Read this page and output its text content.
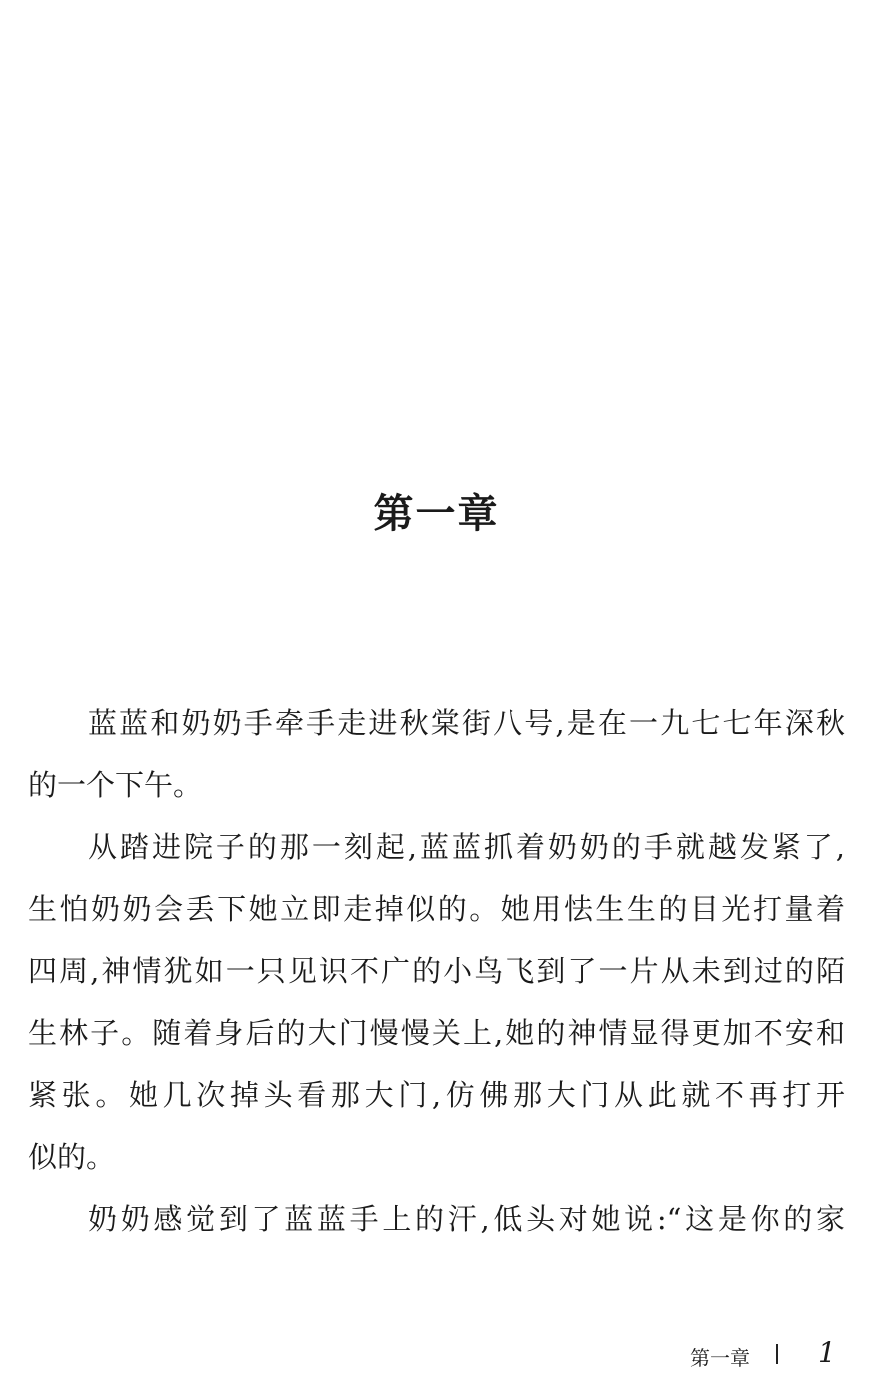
第一章
蓝蓝和奶奶手牵手走进秋棠街八号,是在一九七七年深秋
的一个下午。
从踏进院子的那一刻起,蓝蓝抓着奶奶的手就越发紧了,
生怕奶奶会丢下她立即走掉似的。她用怯生生的目光打量着
四周,神情犹如一只见识不广的小鸟飞到了一片从未到过的陌
生林子。随着身后的大门慢慢关上,她的神情显得更加不安和
紧张。她几次掉头看那大门,仿佛那大门从此就不再打开
似的。
奶奶感觉到了蓝蓝手上的汗,低头对她说:“这是你的家
第一章 1
